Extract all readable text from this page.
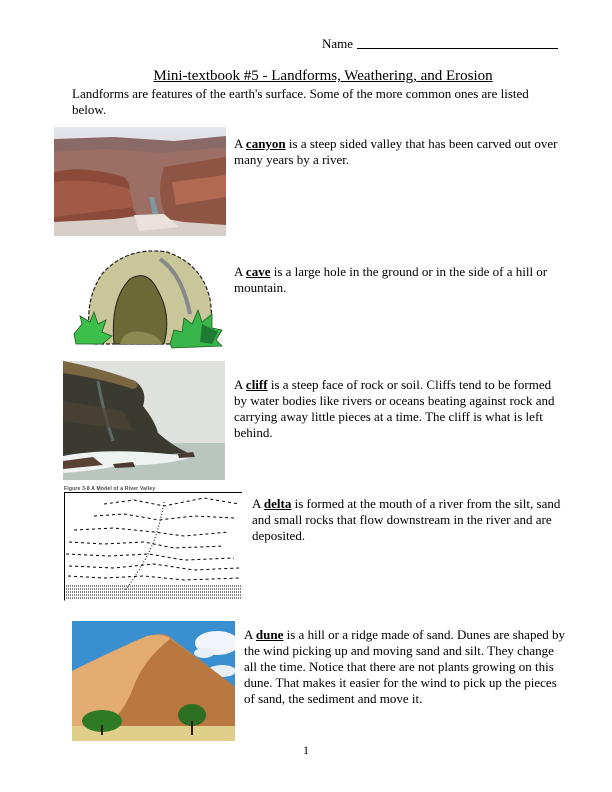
Name
Mini-textbook #5 - Landforms, Weathering, and Erosion
Landforms are features of the earth's surface. Some of the more common ones are listed below.
A canyon is a steep sided valley that has been carved out over many years by a river.
A cave is a large hole in the ground or in the side of a hill or mountain.
A cliff is a steep face of rock or soil. Cliffs tend to be formed by water bodies like rivers or oceans beating against rock and carrying away little pieces at a time. The cliff is what is left behind.
Figure 3-8 A Model of a River Valley
A delta is formed at the mouth of a river from the silt, sand and small rocks that flow downstream in the river and are deposited.
A dune is a hill or a ridge made of sand. Dunes are shaped by the wind picking up and moving sand and silt. They change all the time. Notice that there are not plants growing on this dune. That makes it easier for the wind to pick up the pieces of sand, the sediment and move it.
1
